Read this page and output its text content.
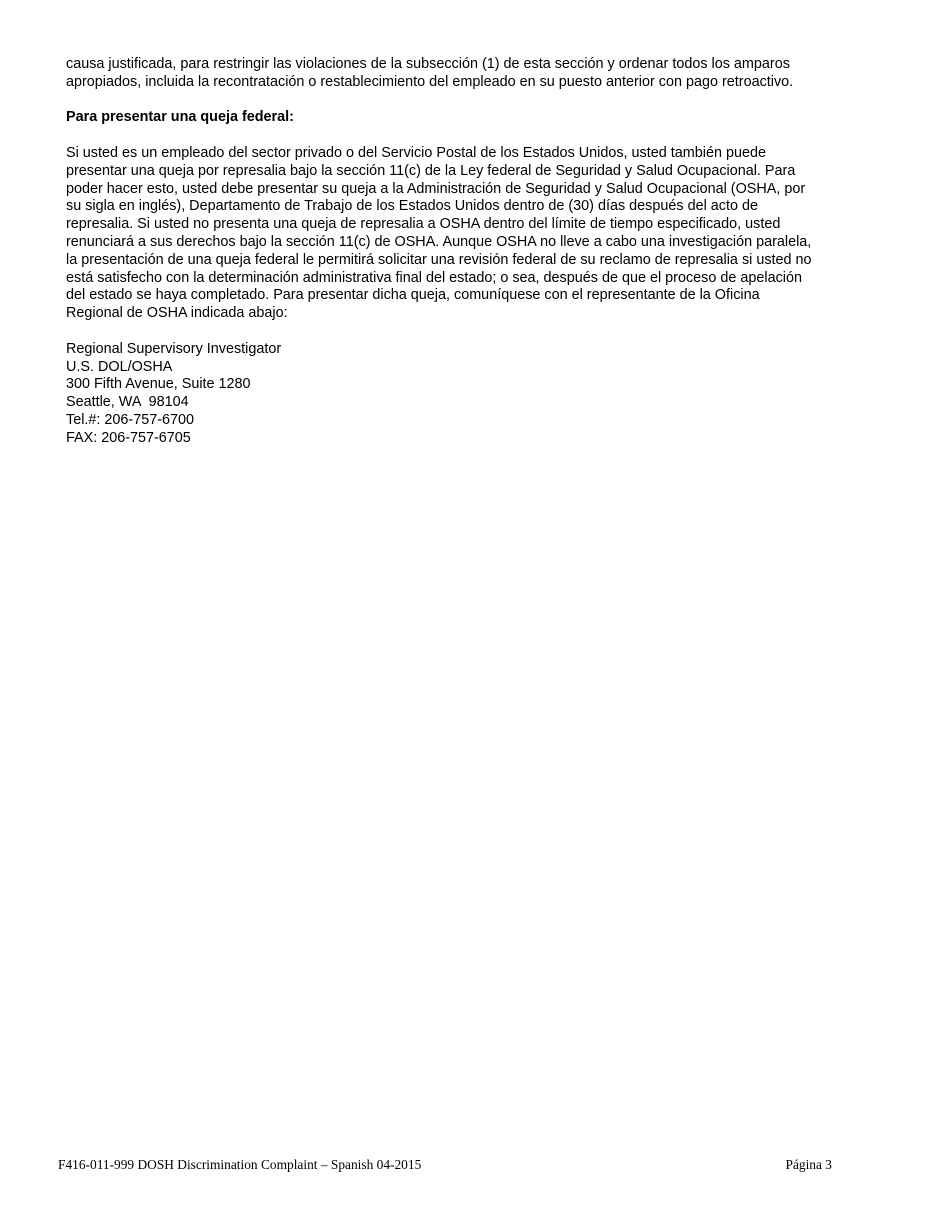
causa justificada, para restringir las violaciones de la subsección (1) de esta sección y ordenar todos los amparos
apropiados, incluida la recontratación o restablecimiento del empleado en su puesto anterior con pago retroactivo.

Para presentar una queja federal:

Si usted es un empleado del sector privado o del Servicio Postal de los Estados Unidos, usted también puede
presentar una queja por represalia bajo la sección 11(c) de la Ley federal de Seguridad y Salud Ocupacional. Para
poder hacer esto, usted debe presentar su queja a la Administración de Seguridad y Salud Ocupacional (OSHA, por
su sigla en inglés), Departamento de Trabajo de los Estados Unidos dentro de (30) días después del acto de
represalia. Si usted no presenta una queja de represalia a OSHA dentro del límite de tiempo especificado, usted
renunciará a sus derechos bajo la sección 11(c) de OSHA. Aunque OSHA no lleve a cabo una investigación paralela,
la presentación de una queja federal le permitirá solicitar una revisión federal de su reclamo de represalia si usted no
está satisfecho con la determinación administrativa final del estado; o sea, después de que el proceso de apelación
del estado se haya completado. Para presentar dicha queja, comuníquese con el representante de la Oficina
Regional de OSHA indicada abajo:

Regional Supervisory Investigator
U.S. DOL/OSHA
300 Fifth Avenue, Suite 1280
Seattle, WA  98104
Tel.#: 206-757-6700
FAX: 206-757-6705
F416-011-999 DOSH Discrimination Complaint – Spanish 04-2015	Página 3
